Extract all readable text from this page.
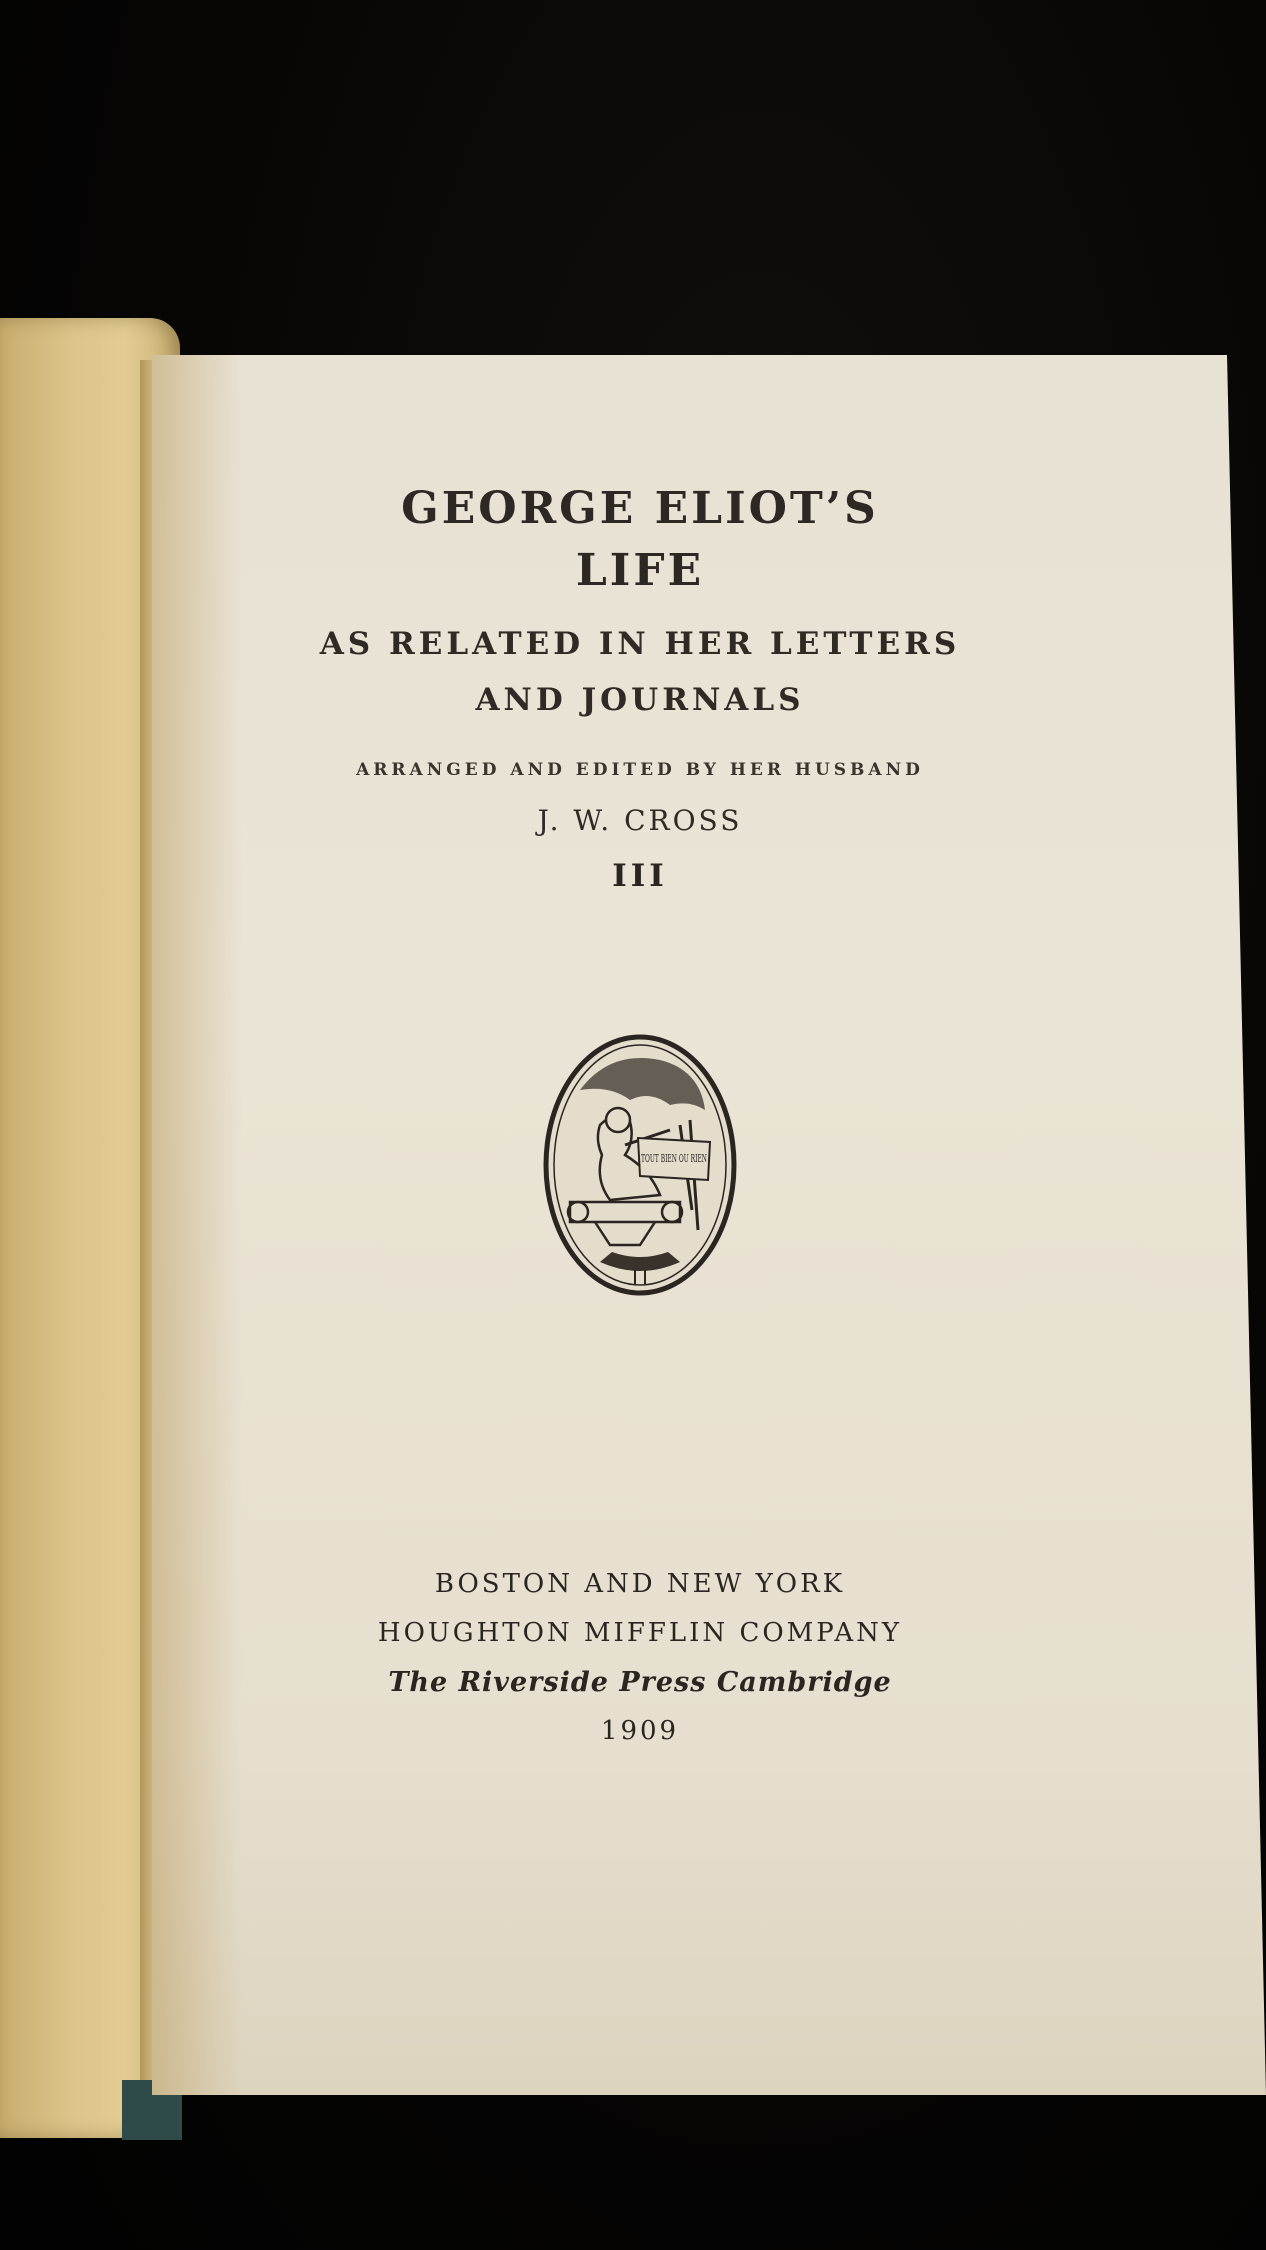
GEORGE ELIOT’S
LIFE
AS RELATED IN HER LETTERS
AND JOURNALS
ARRANGED AND EDITED BY HER HUSBAND
J. W. CROSS
III
TOUT BIEN OU RIEN
BOSTON AND NEW YORK
HOUGHTON MIFFLIN COMPANY
The Riverside Press Cambridge
1909
